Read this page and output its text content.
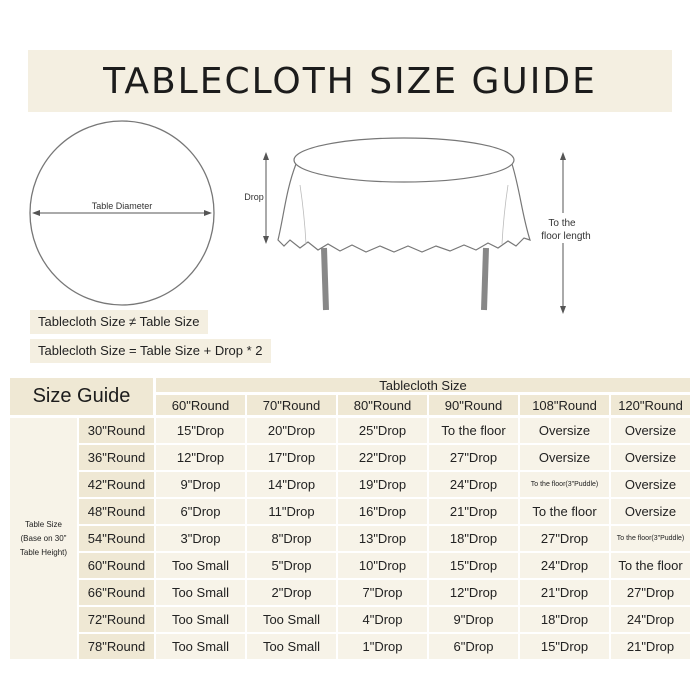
TABLECLOTH SIZE GUIDE
Table Diameter
Drop
To the
floor length
Tablecloth Size ≠ Table Size
Tablecloth Size = Table Size + Drop * 2
Size Guide	Tablecloth Size
Table Size
(Base on 30"
Table Height)
60"Round	70"Round	80"Round	90"Round	108"Round	120"Round
30"Round	15"Drop	20"Drop	25"Drop	To the floor	Oversize	Oversize
36"Round	12"Drop	17"Drop	22"Drop	27"Drop	Oversize	Oversize
42"Round	9"Drop	14"Drop	19"Drop	24"Drop	To the floor(3"Puddle)	Oversize
48"Round	6"Drop	11"Drop	16"Drop	21"Drop	To the floor	Oversize
54"Round	3"Drop	8"Drop	13"Drop	18"Drop	27"Drop	To the floor(3"Puddle)
60"Round	Too Small	5"Drop	10"Drop	15"Drop	24"Drop	To the floor
66"Round	Too Small	2"Drop	7"Drop	12"Drop	21"Drop	27"Drop
72"Round	Too Small	Too Small	4"Drop	9"Drop	18"Drop	24"Drop
78"Round	Too Small	Too Small	1"Drop	6"Drop	15"Drop	21"Drop
